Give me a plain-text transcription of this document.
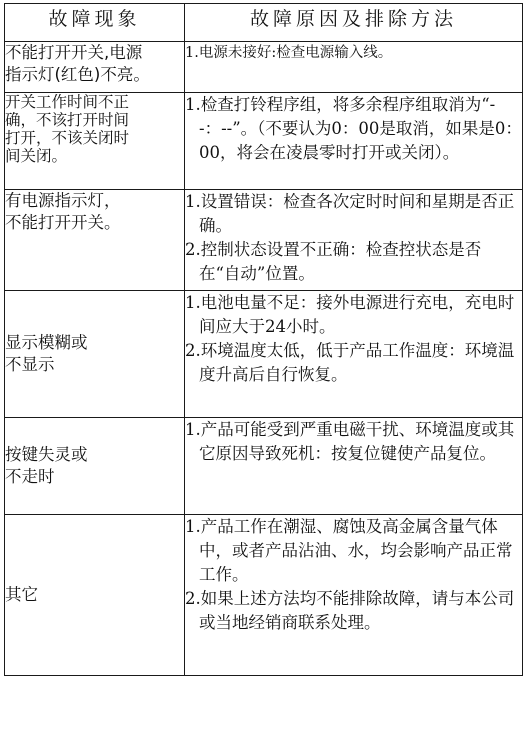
故障现象	故障原因及排除方法

不能打开开关,电源
指示灯(红色)不亮。	1.电源未接好:检查电源输入线。

开关工作时间不正
确，不该打开时间
打开，不该关闭时
间关闭。	1.检查打铃程序组，将多余程序组取消为“--：--”。（不要认为0：00是取消，如果是0：00，将会在凌晨零时打开或关闭）。

有电源指示灯，
不能打开开关。	1.设置错误：检查各次定时时间和星期是否正确。
2.控制状态设置不正确：检查控状态是否在“自动”位置。

显示模糊或
不显示	1.电池电量不足：接外电源进行充电，充电时间应大于24小时。
2.环境温度太低，低于产品工作温度：环境温度升高后自行恢复。

按键失灵或
不走时	1.产品可能受到严重电磁干扰、环境温度或其它原因导致死机：按复位键使产品复位。

其它	1.产品工作在潮湿、腐蚀及高金属含量气体中，或者产品沾油、水，均会影响产品正常工作。
2.如果上述方法均不能排除故障，请与本公司或当地经销商联系处理。
